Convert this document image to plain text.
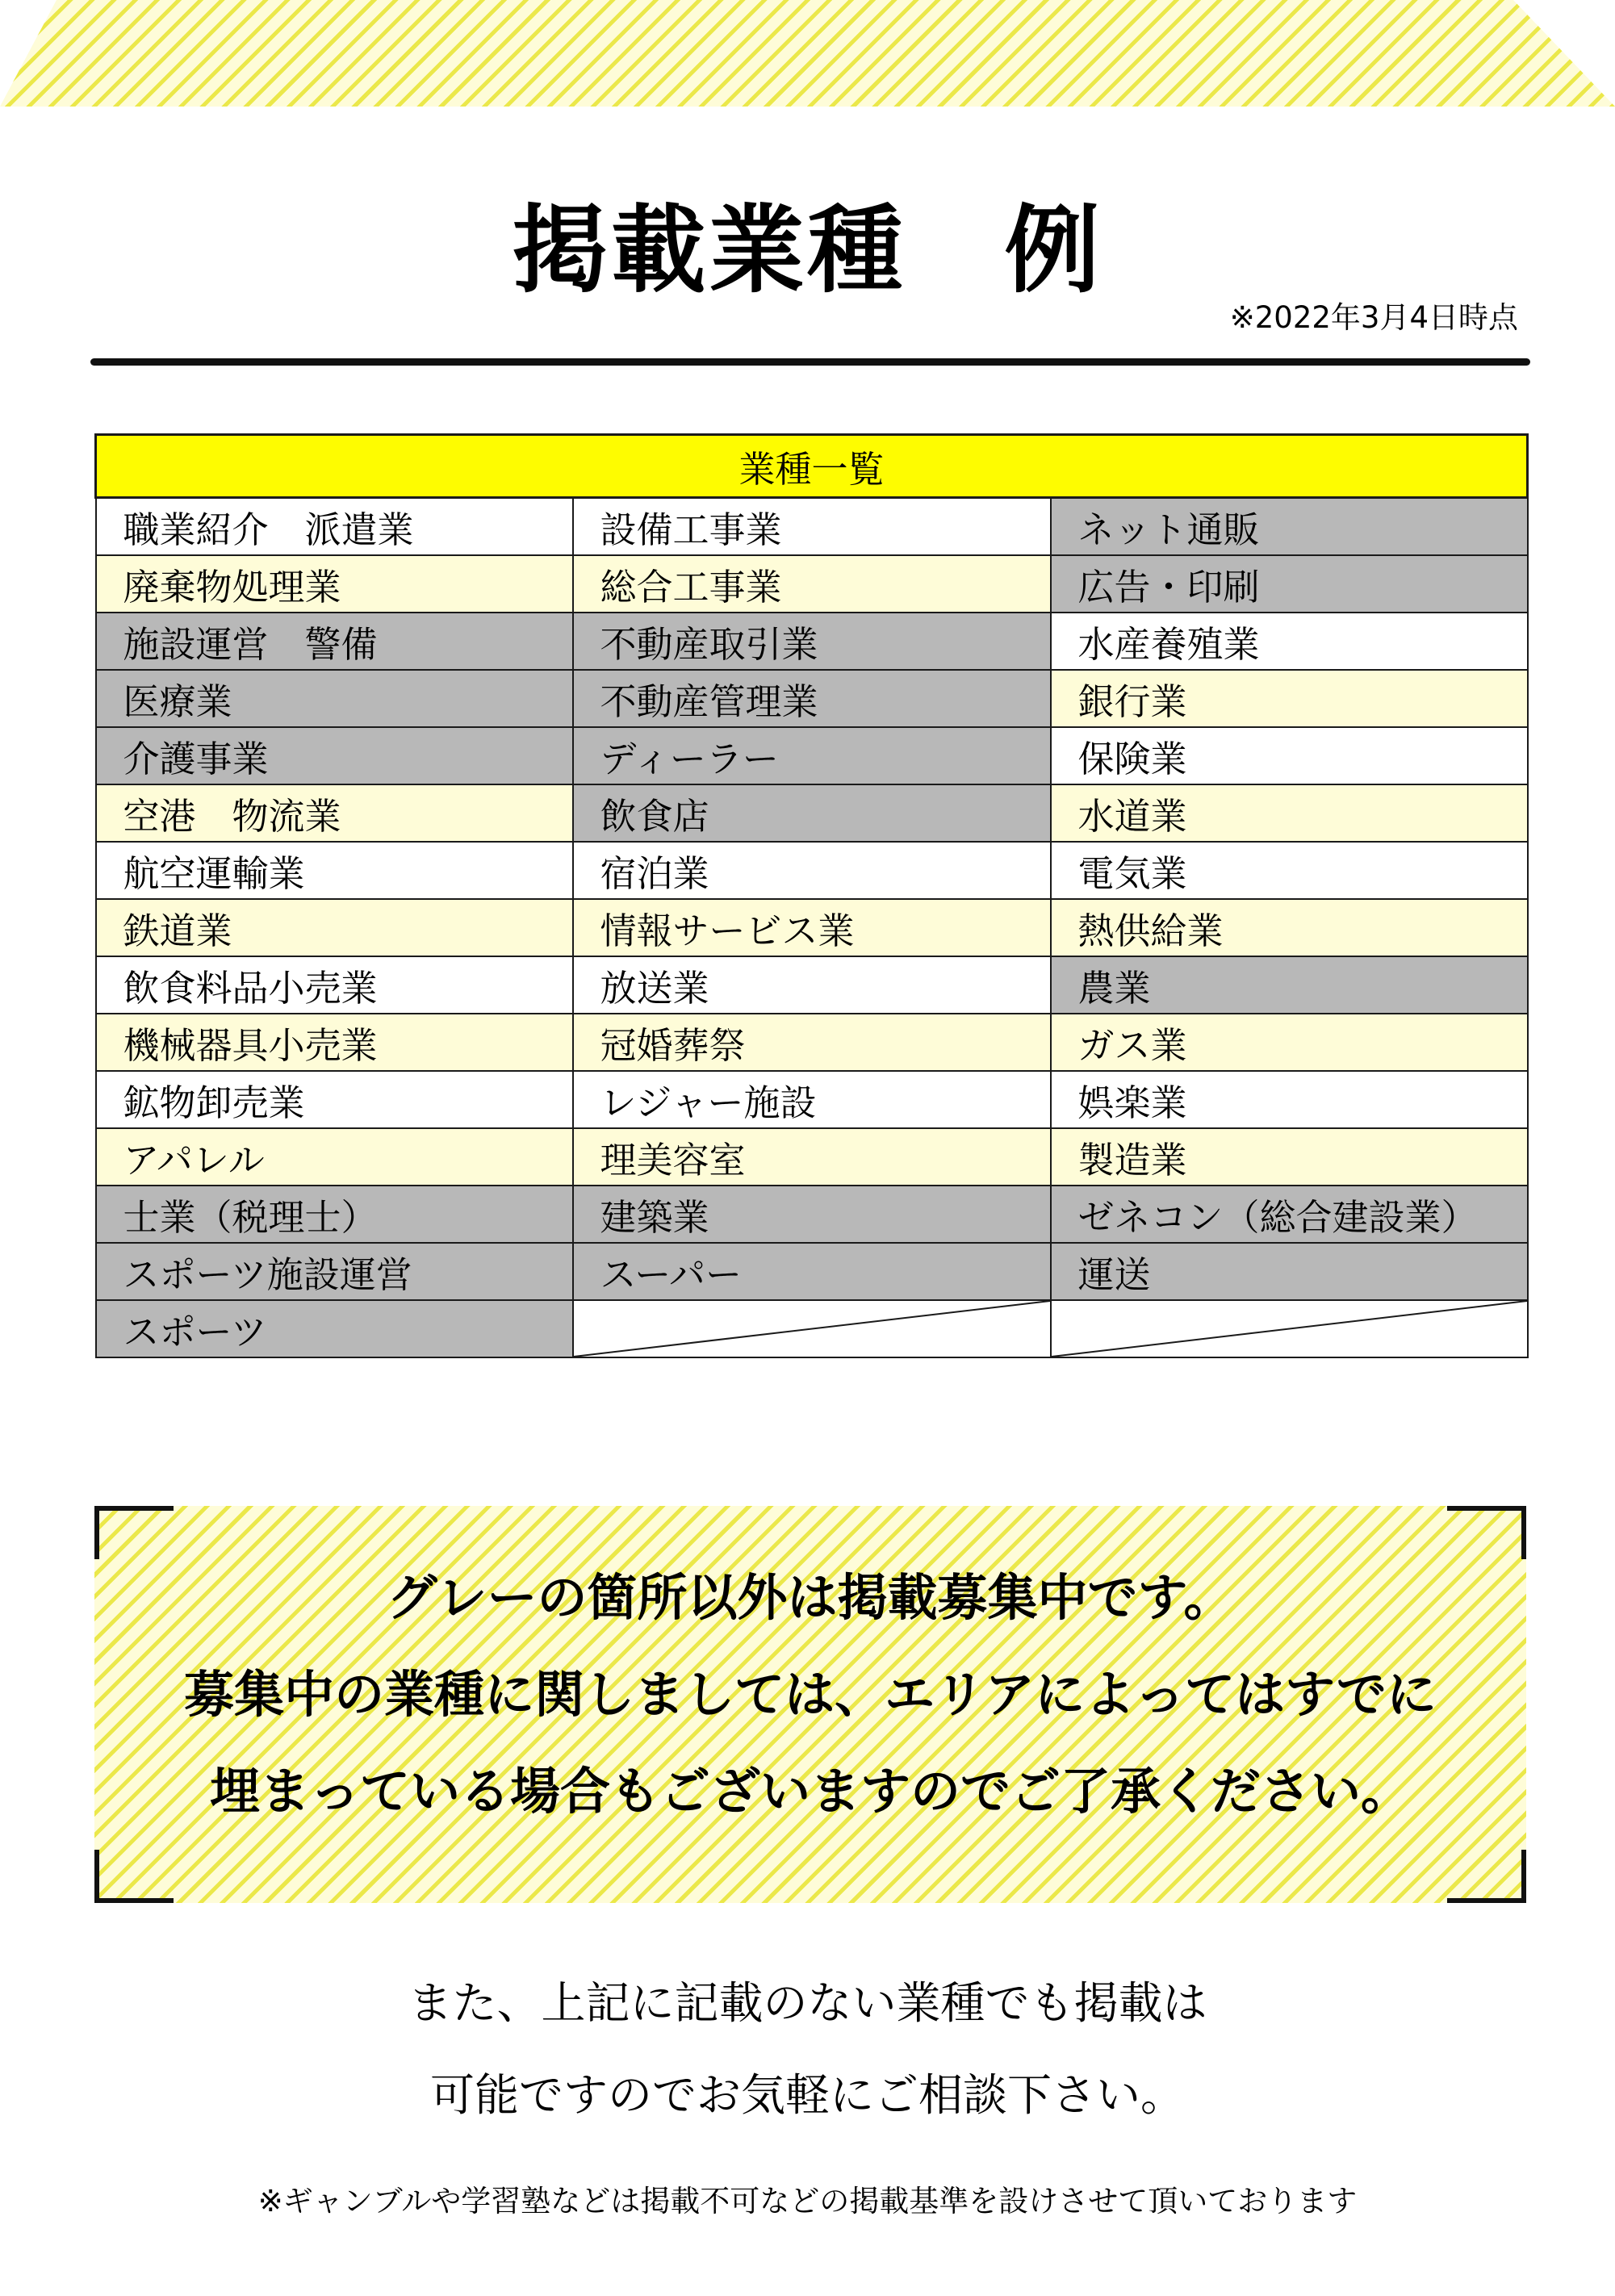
掲載業種　例
※2022年3月4日時点
業種一覧		
職業紹介　派遣業	設備工事業	ネット通販
廃棄物処理業	総合工事業	広告・印刷
施設運営　警備	不動産取引業	水産養殖業
医療業	不動産管理業	銀行業
介護事業	ディーラー	保険業
空港　物流業	飲食店	水道業
航空運輸業	宿泊業	電気業
鉄道業	情報サービス業	熱供給業
飲食料品小売業	放送業	農業
機械器具小売業	冠婚葬祭	ガス業
鉱物卸売業	レジャー施設	娯楽業
アパレル	理美容室	製造業
士業（税理士）	建築業	ゼネコン（総合建設業）
スポーツ施設運営	スーパー	運送
スポーツ	

グレーの箇所以外は掲載募集中です。
募集中の業種に関しましては、エリアによってはすでに
埋まっている場合もございますのでご了承ください。
また、上記に記載のない業種でも掲載は
可能ですのでお気軽にご相談下さい。
※ギャンブルや学習塾などは掲載不可などの掲載基準を設けさせて頂いております
